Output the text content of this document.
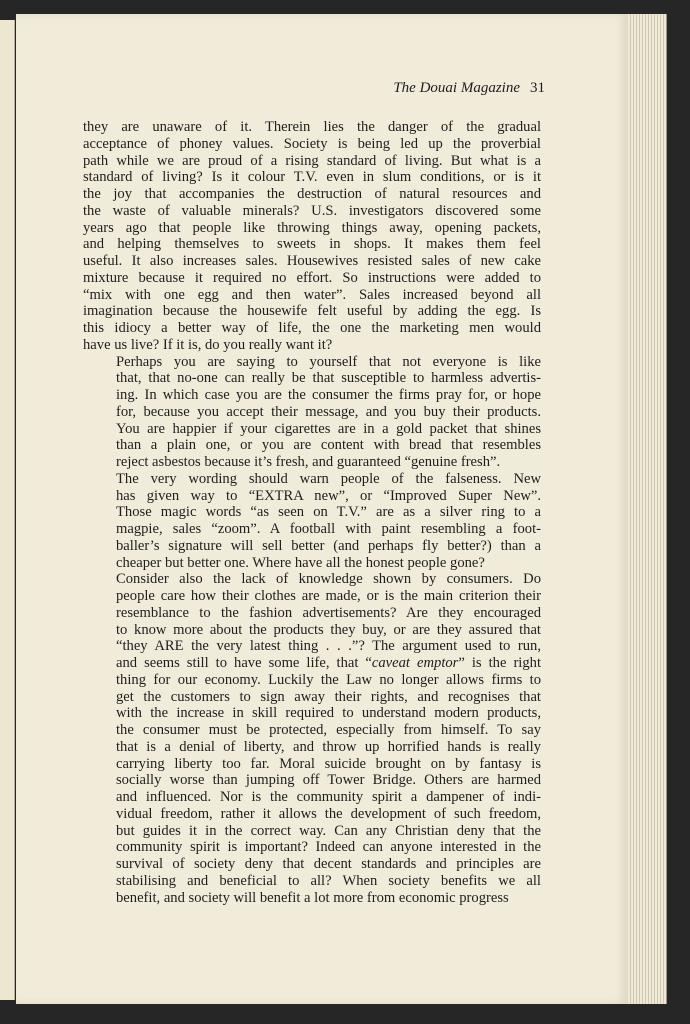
The Douai Magazine 31

they are unaware of it. Therein lies the danger of the gradual
acceptance of phoney values. Society is being led up the proverbial
path while we are proud of a rising standard of living. But what is a
standard of living? Is it colour T.V. even in slum conditions, or is it
the joy that accompanies the destruction of natural resources and
the waste of valuable minerals? U.S. investigators discovered some
years ago that people like throwing things away, opening packets,
and helping themselves to sweets in shops. It makes them feel
useful. It also increases sales. Housewives resisted sales of new cake
mixture because it required no effort. So instructions were added to
“mix with one egg and then water”. Sales increased beyond all
imagination because the housewife felt useful by adding the egg. Is
this idiocy a better way of life, the one the marketing men would
have us live? If it is, do you really want it?

Perhaps you are saying to yourself that not everyone is like
that, that no-one can really be that susceptible to harmless advertis-
ing. In which case you are the consumer the firms pray for, or hope
for, because you accept their message, and you buy their products.
You are happier if your cigarettes are in a gold packet that shines
than a plain one, or you are content with bread that resembles
reject asbestos because it’s fresh, and guaranteed “genuine fresh”.

The very wording should warn people of the falseness. New
has given way to “EXTRA new”, or “Improved Super New”.
Those magic words “as seen on T.V.” are as a silver ring to a
magpie, sales “zoom”. A football with paint resembling a foot-
baller’s signature will sell better (and perhaps fly better?) than a
cheaper but better one. Where have all the honest people gone?

Consider also the lack of knowledge shown by consumers. Do
people care how their clothes are made, or is the main criterion their
resemblance to the fashion advertisements? Are they encouraged
to know more about the products they buy, or are they assured that
“they ARE the very latest thing . . .”? The argument used to run,
and seems still to have some life, that “caveat emptor” is the right
thing for our economy. Luckily the Law no longer allows firms to
get the customers to sign away their rights, and recognises that
with the increase in skill required to understand modern products,
the consumer must be protected, especially from himself. To say
that is a denial of liberty, and throw up horrified hands is really
carrying liberty too far. Moral suicide brought on by fantasy is
socially worse than jumping off Tower Bridge. Others are harmed
and influenced. Nor is the community spirit a dampener of indi-
vidual freedom, rather it allows the development of such freedom,
but guides it in the correct way. Can any Christian deny that the
community spirit is important? Indeed can anyone interested in the
survival of society deny that decent standards and principles are
stabilising and beneficial to all? When society benefits we all
benefit, and society will benefit a lot more from economic progress
